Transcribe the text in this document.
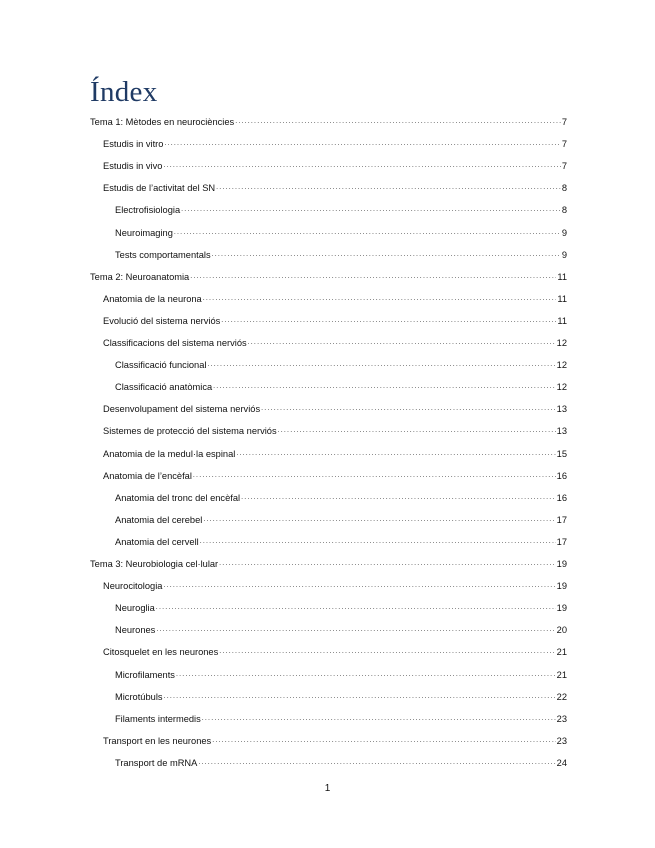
Índex
Tema 1: Mètodes en neurociències .....	7
Estudis in vitro .....	7
Estudis in vivo .....	7
Estudis de l’activitat del SN .....	8
Electrofisiologia .....	8
Neuroimaging .....	9
Tests comportamentals .....	9
Tema 2: Neuroanatomia .....	11
Anatomia de la neurona .....	11
Evolució del sistema nerviós .....	11
Classificacions del sistema nerviós .....	12
Classificació funcional .....	12
Classificació anatòmica .....	12
Desenvolupament del sistema nerviós .....	13
Sistemes de protecció del sistema nerviós .....	13
Anatomia de la medul·la espinal .....	15
Anatomia de l’encèfal .....	16
Anatomia del tronc del encèfal .....	16
Anatomia del cerebel .....	17
Anatomia del cervell .....	17
Tema 3: Neurobiologia cel·lular .....	19
Neurocitologia .....	19
Neuroglia .....	19
Neurones .....	20
Citosquelet en les neurones .....	21
Microfilaments .....	21
Microtúbuls .....	22
Filaments intermedis .....	23
Transport en les neurones .....	23
Transport de mRNA .....	24
1
